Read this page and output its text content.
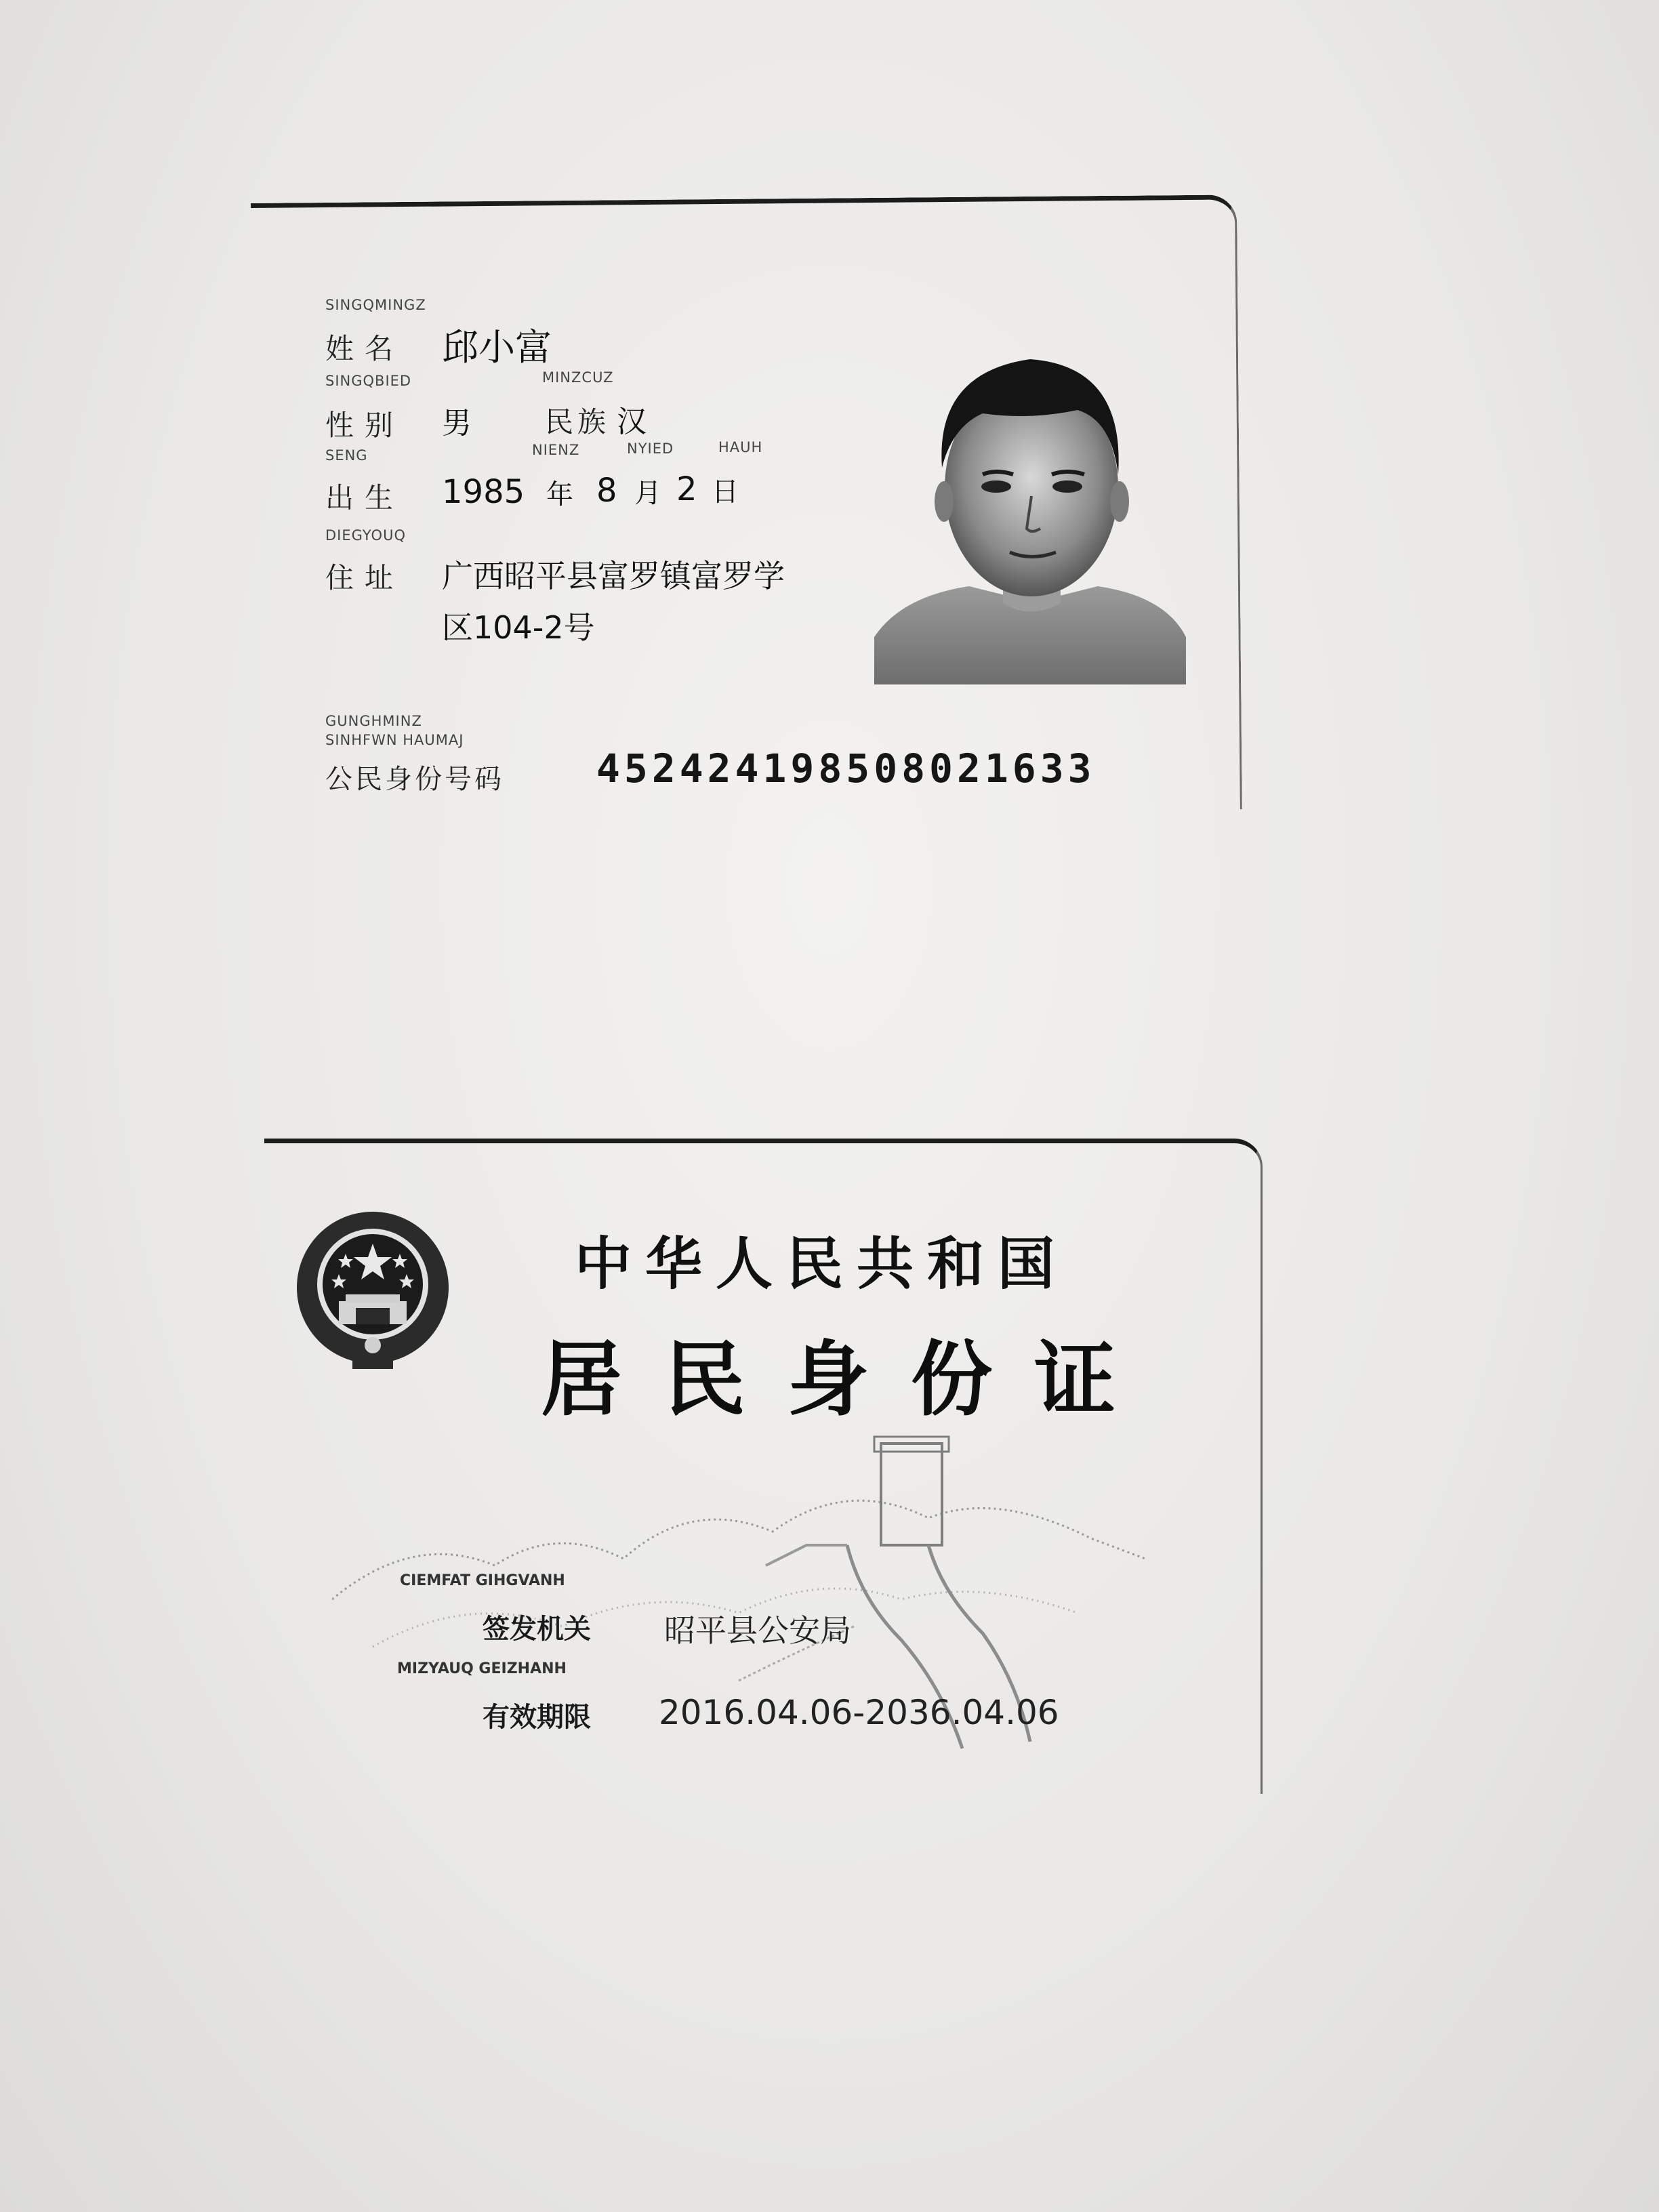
SINGQMINGZ
姓名 邱小富
SINGQBIED	MINZCUZ
性别 男	民族 汉
SENG	NIENZ	NYIED	HAUH
出生 1985 年 8 月 2 日
DIEGYOUQ
住址 广西昭平县富罗镇富罗学
区104-2号
GUNGHMINZ
SINHFWN HAUMAJ
公民身份号码 452424198508021633
中华人民共和国
居民身份证
CIEMFAT GIHGVANH
签发机关 昭平县公安局
MIZYAUQ GEIZHANH
有效期限 2016.04.06-2036.04.06
